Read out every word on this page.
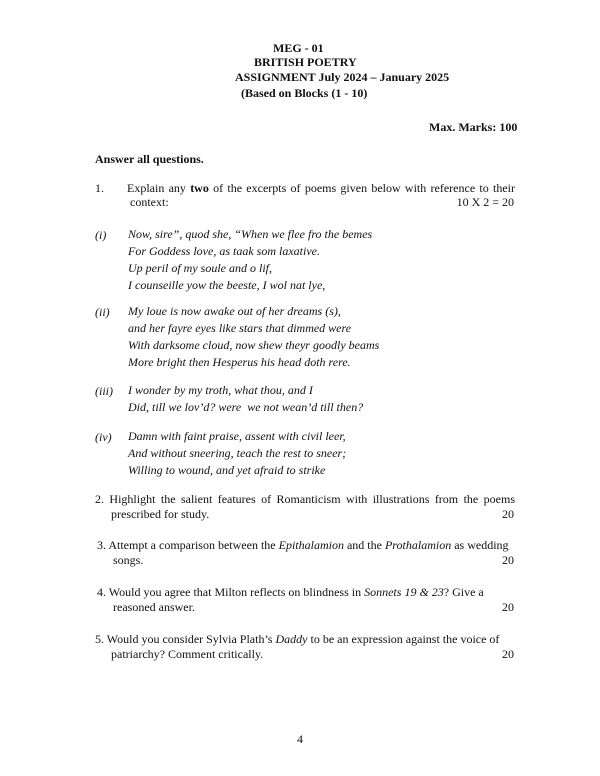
MEG - 01
BRITISH POETRY
ASSIGNMENT July 2024 – January 2025
(Based on Blocks (1 - 10)
Max. Marks: 100
Answer all questions.
1. Explain any two of the excerpts of poems given below with reference to their
context:	10 X 2 = 20
(i) Now, sire”, quod she, “When we flee fro the bemes
For Goddess love, as taak som laxative.
Up peril of my soule and o lif,
I counseille yow the beeste, I wol nat lye,
(ii) My loue is now awake out of her dreams (s),
and her fayre eyes like stars that dimmed were
With darksome cloud, now shew theyr goodly beams
More bright then Hesperus his head doth rere.
(iii) I wonder by my troth, what thou, and I
Did, till we lov’d? were  we not wean’d till then?
(iv) Damn with faint praise, assent with civil leer,
And without sneering, teach the rest to sneer;
Willing to wound, and yet afraid to strike
2. Highlight the salient features of Romanticism with illustrations from the poems
prescribed for study.	20
3. Attempt a comparison between the Epithalamion and the Prothalamion as wedding
songs.	20
4. Would you agree that Milton reflects on blindness in Sonnets 19 & 23? Give a
reasoned answer.	20
5. Would you consider Sylvia Plath’s Daddy to be an expression against the voice of
patriarchy? Comment critically.	20
4
